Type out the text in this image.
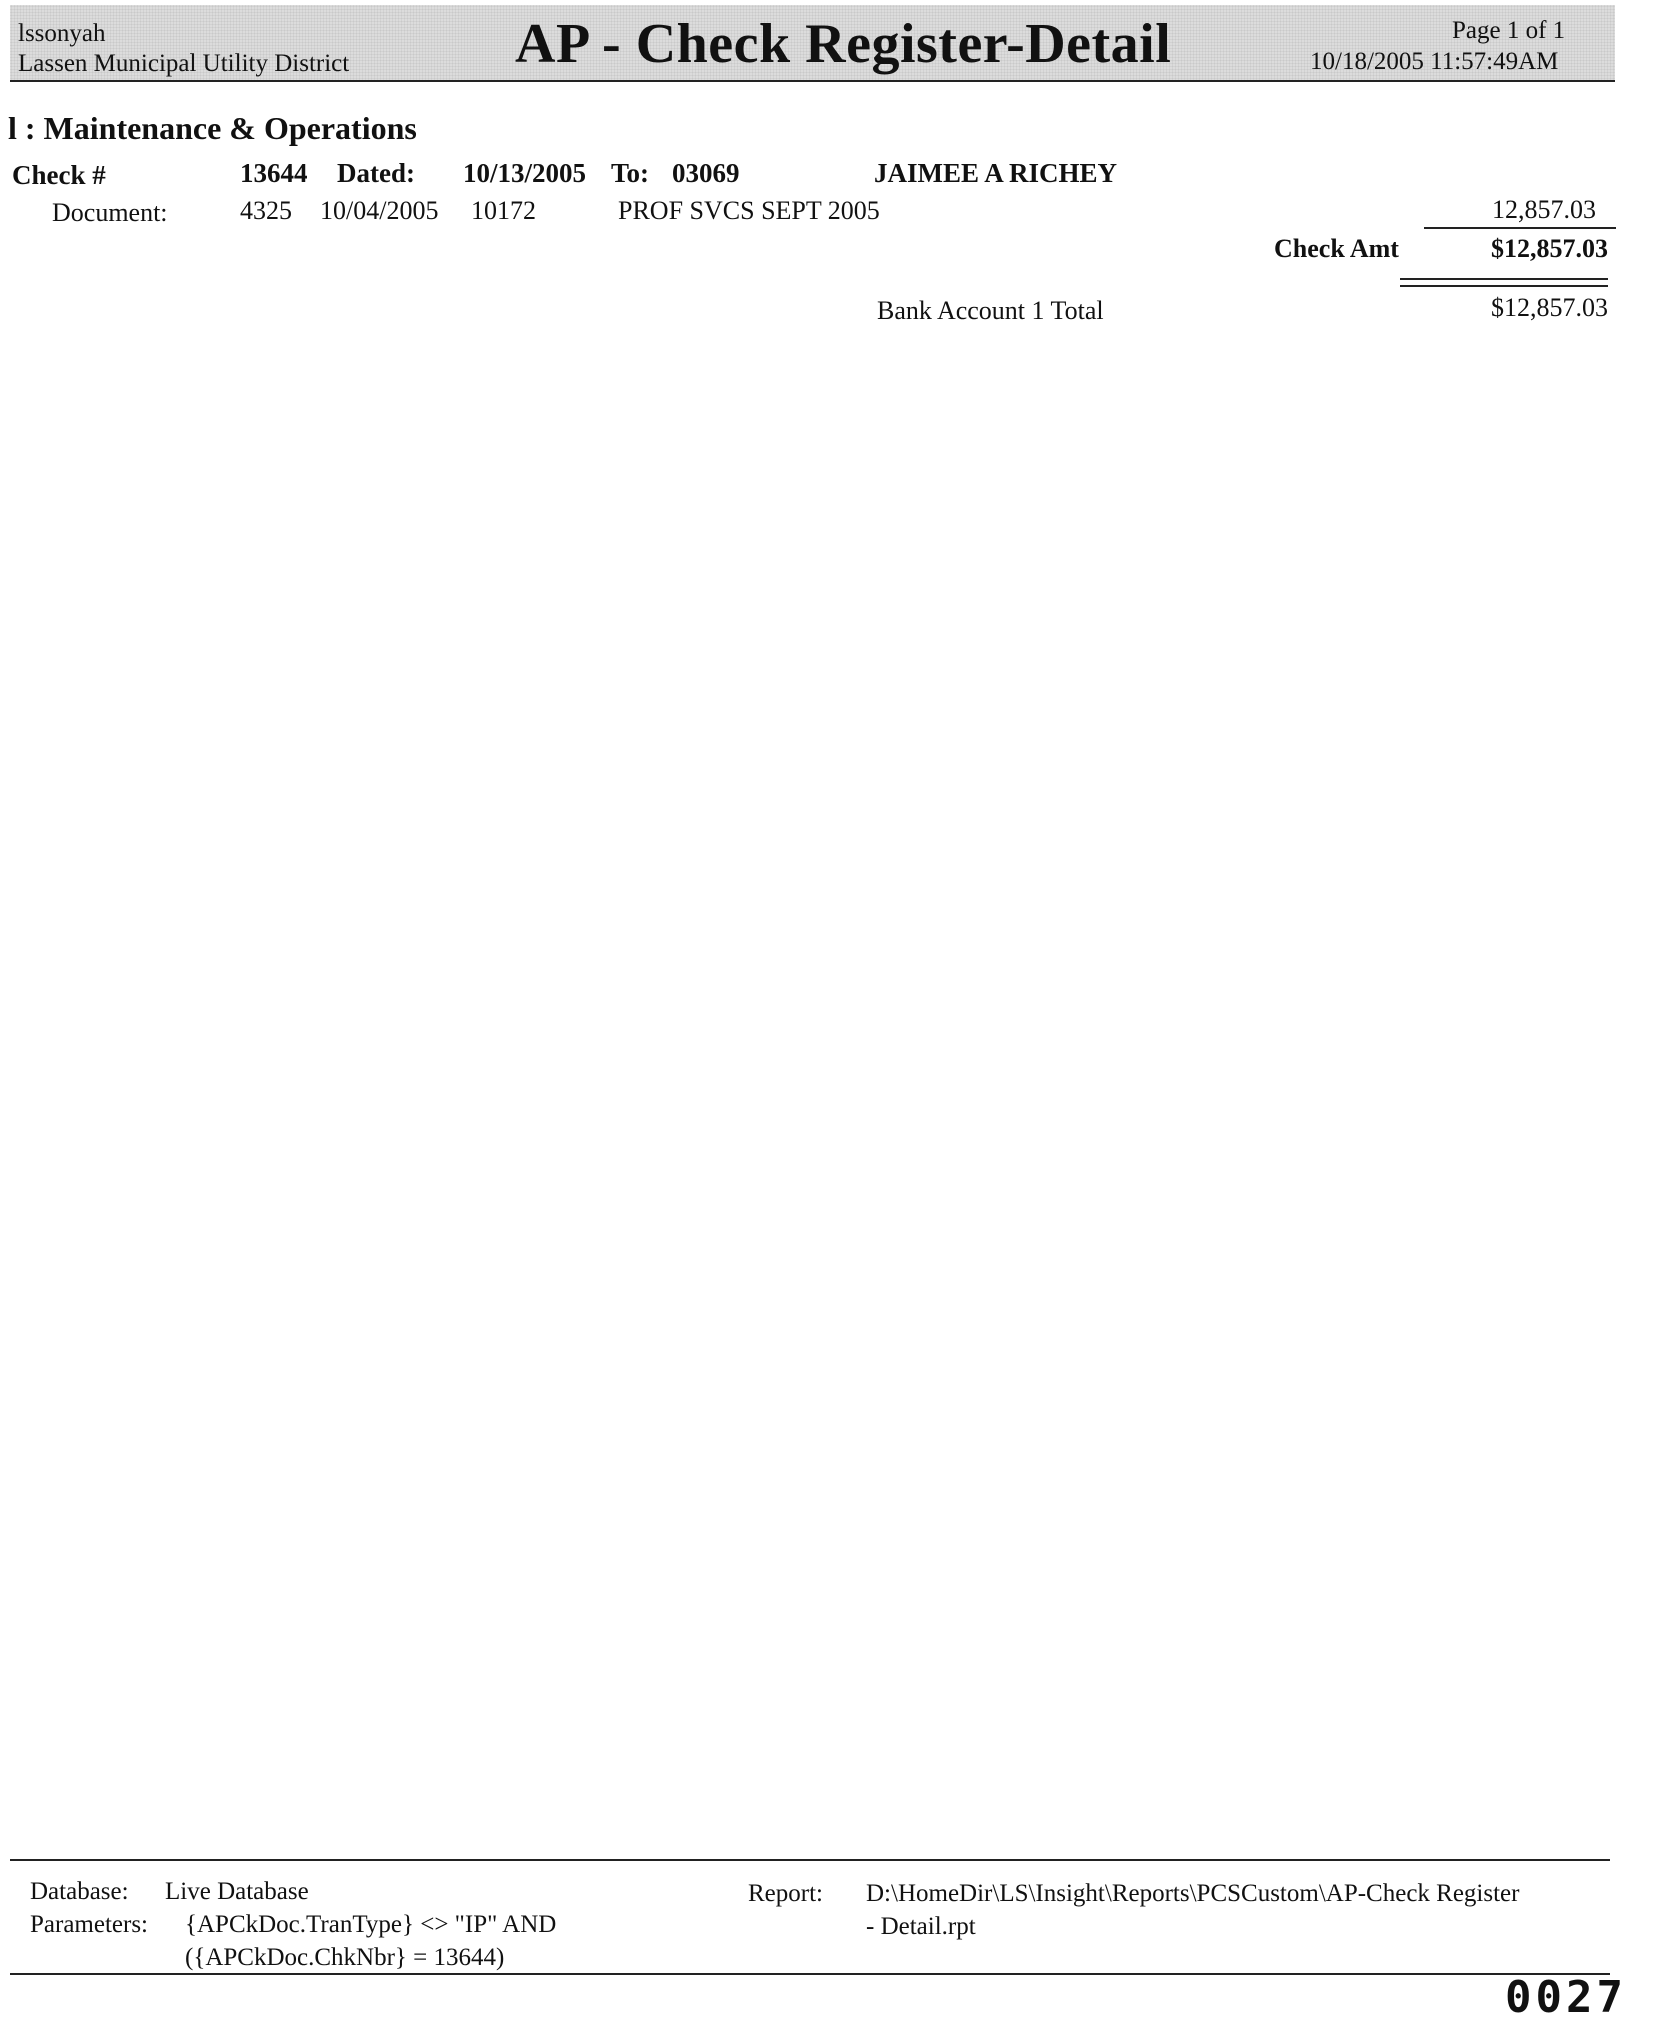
lssonyah
Lassen Municipal Utility District	AP - Check Register-Detail	Page 1 of 1
10/18/2005 11:57:49AM
l : Maintenance & Operations
Check #	13644 Dated: 10/13/2005 To: 03069	JAIMEE A RICHEY
Document:	4325 10/04/2005 10172	PROF SVCS SEPT 2005	12,857.03
Check Amt	$12,857.03
Bank Account 1 Total	$12,857.03
Database: Live Database
Parameters: {APCkDoc.TranType} <> "IP" AND
({APCkDoc.ChkNbr} = 13644)
Report: D:\HomeDir\LS\Insight\Reports\PCSCustom\AP-Check Register
- Detail.rpt
0027
